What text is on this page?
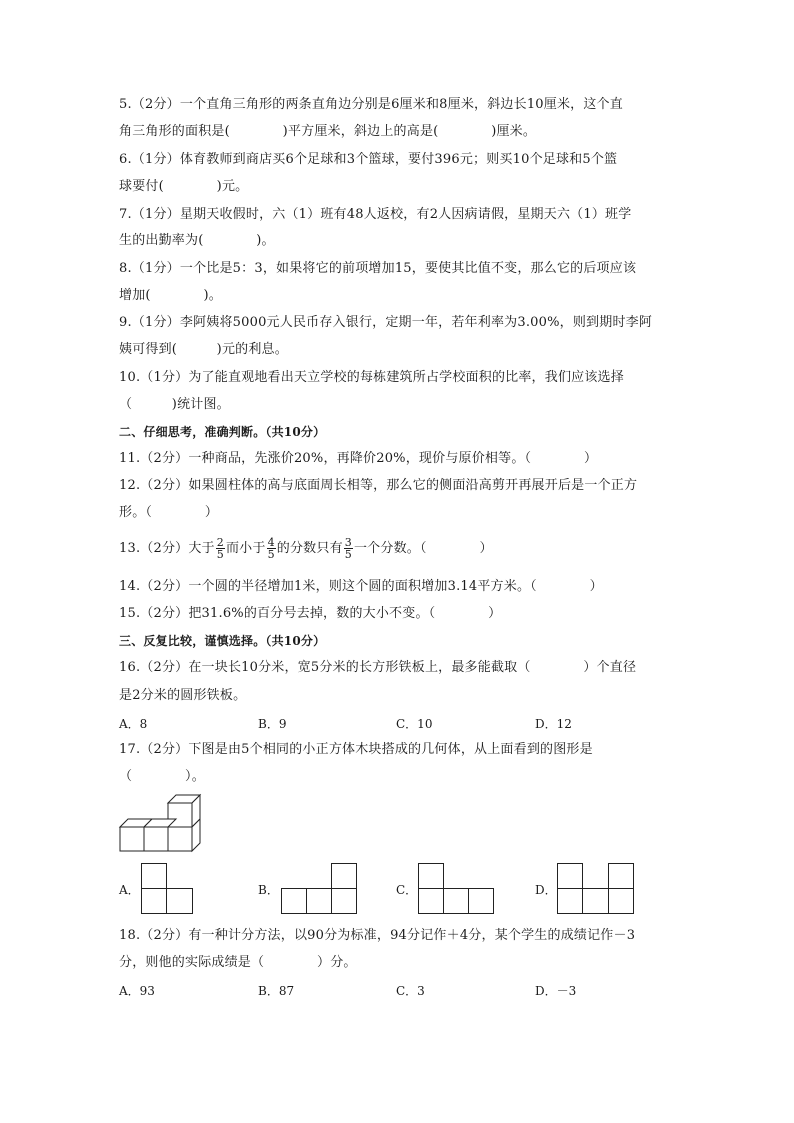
5.（2分）一个直角三角形的两条直角边分别是6厘米和8厘米，斜边长10厘米，这个直
角三角形的面积是(　　　　)平方厘米，斜边上的高是(　　　　)厘米。
6.（1分）体育教师到商店买6个足球和3个篮球，要付396元；则买10个足球和5个篮
球要付(　　　　)元。
7.（1分）星期天收假时，六（1）班有48人返校，有2人因病请假，星期天六（1）班学
生的出勤率为(　　　　)。
8.（1分）一个比是5：3，如果将它的前项增加15，要使其比值不变，那么它的后项应该
增加(　　　　)。
9.（1分）李阿姨将5000元人民币存入银行，定期一年，若年利率为3.00%，则到期时李阿
姨可得到(　　　)元的利息。
10.（1分）为了能直观地看出天立学校的每栋建筑所占学校面积的比率，我们应该选择
（　　　)统计图。
二、仔细思考，准确判断。（共10分）
11.（2分）一种商品，先涨价20%，再降价20%，现价与原价相等。（　　　　）
12.（2分）如果圆柱体的高与底面周长相等，那么它的侧面沿高剪开再展开后是一个正方
形。（　　　　）
13.（2分）大于 $\frac{2}{5}$ 而小于 $\frac{4}{5}$ 的分数只有 $\frac{3}{5}$ 一个分数。（　　　　）
14.（2分）一个圆的半径增加1米，则这个圆的面积增加3.14平方米。（　　　　）
15.（2分）把31.6%的百分号去掉，数的大小不变。（　　　　）
三、反复比较，谨慎选择。（共10分）
16.（2分）在一块长10分米，宽5分米的长方形铁板上，最多能截取（　　　　）个直径
是2分米的圆形铁板。
A．8	B．9	C．10	D．12
17.（2分）下图是由5个相同的小正方体木块搭成的几何体，从上面看到的图形是
（　　　　）。
A．	B．	C．	D．
18.（2分）有一种计分方法，以90分为标准，94分记作＋4分，某个学生的成绩记作－3
分，则他的实际成绩是（　　　　）分。
A．93	B．87	C．3	D．－3
